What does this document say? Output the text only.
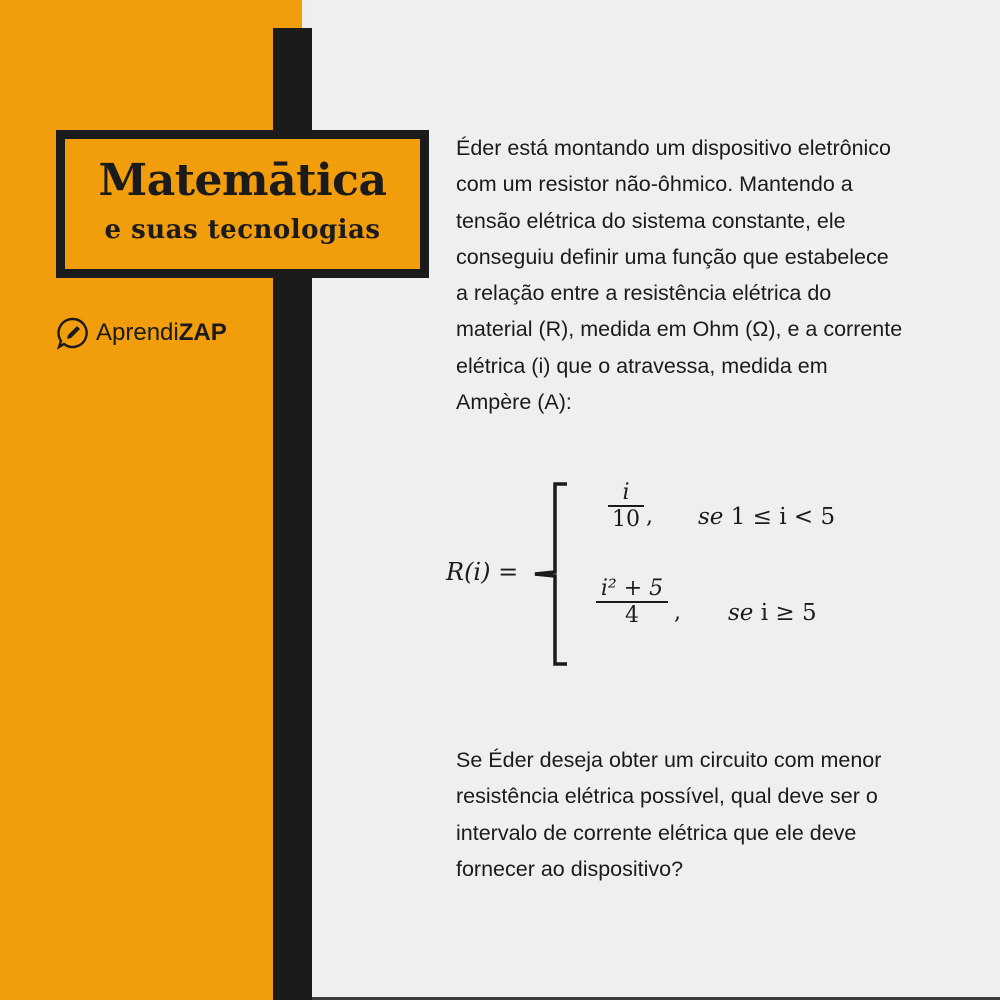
Matemātica
e suas tecnologias
AprendiZAP
Éder está montando um dispositivo eletrônico
com um resistor não-ôhmico. Mantendo a
tensão elétrica do sistema constante, ele
conseguiu definir uma função que estabelece
a relação entre a resistência elétrica do
material (R), medida em Ohm (Ω), e a corrente
elétrica (i) que o atravessa, medida em
Ampère (A):
R(i) =
$\frac{i}{10}$ , se 1 ≤ i < 5
$\frac{\text{i² + 5}}{4}$ , se i ≥ 5
Se Éder deseja obter um circuito com menor
resistência elétrica possível, qual deve ser o
intervalo de corrente elétrica que ele deve
fornecer ao dispositivo?
